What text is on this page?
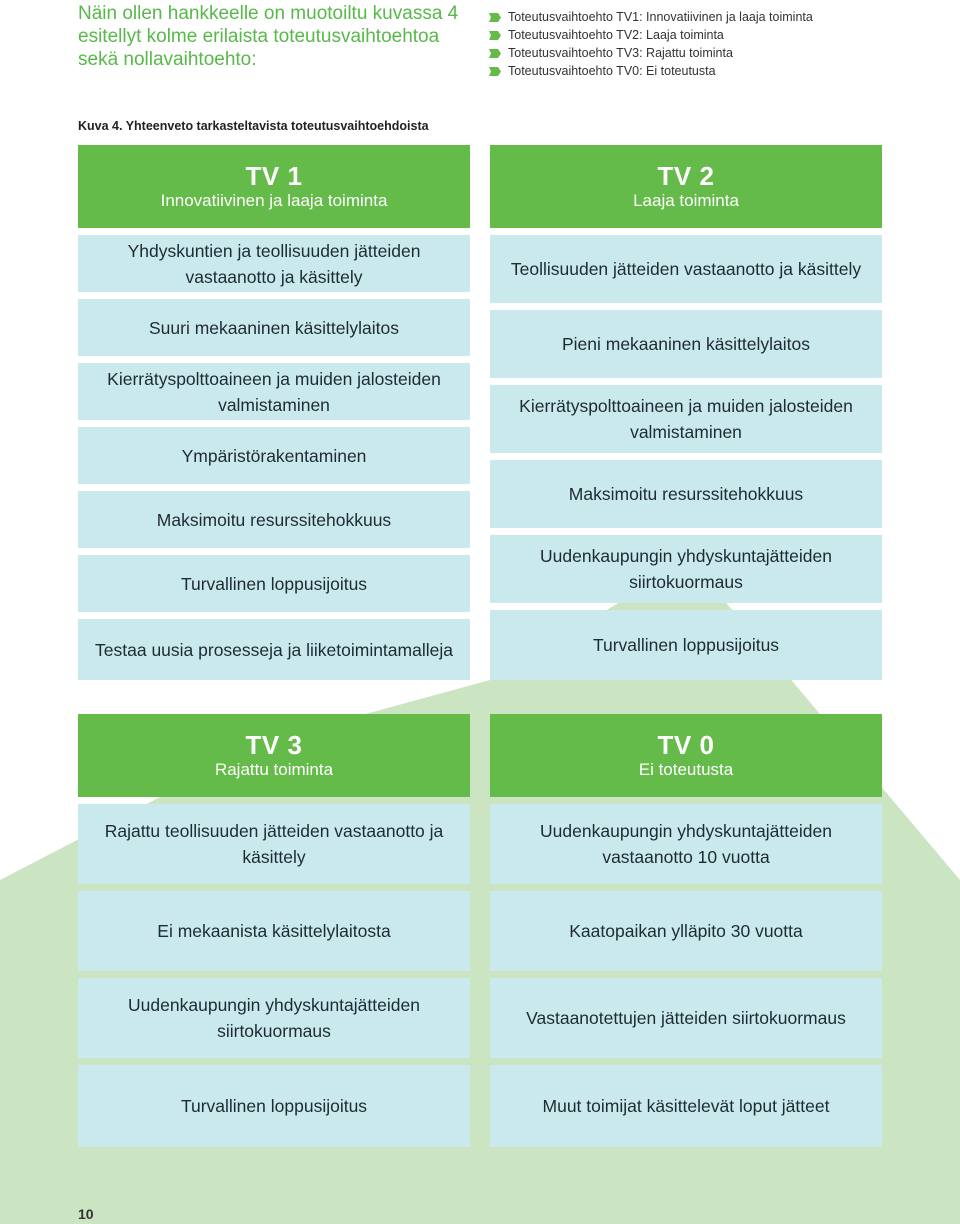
Näin ollen hankkeelle on muotoiltu kuvassa 4 esitellyt kolme erilaista toteutusvaihtoehtoa sekä nollavaihtoehto:
Toteutusvaihtoehto TV1: Innovatiivinen ja laaja toiminta
Toteutusvaihtoehto TV2: Laaja toiminta
Toteutusvaihtoehto TV3: Rajattu toiminta
Toteutusvaihtoehto TV0: Ei toteutusta
Kuva 4. Yhteenveto tarkasteltavista toteutusvaihtoehdoista
TV 1
Innovatiivinen ja laaja toiminta
Yhdyskuntien ja teollisuuden jätteiden vastaanotto ja käsittely
Suuri mekaaninen käsittelylaitos
Kierrätyspolttoaineen ja muiden jalosteiden valmistaminen
Ympäristörakentaminen
Maksimoitu resurssitehokkuus
Turvallinen loppusijoitus
Testaa uusia prosesseja ja liiketoimintamalleja
TV 2
Laaja toiminta
Teollisuuden jätteiden vastaanotto ja käsittely
Pieni mekaaninen käsittelylaitos
Kierrätyspolttoaineen ja muiden jalosteiden valmistaminen
Maksimoitu resurssitehokkuus
Uudenkaupungin yhdyskuntajätteiden siirtokuormaus
Turvallinen loppusijoitus
TV 3
Rajattu toiminta
Rajattu teollisuuden jätteiden vastaanotto ja käsittely
Ei mekaanista käsittelylaitosta
Uudenkaupungin yhdyskuntajätteiden siirtokuormaus
Turvallinen loppusijoitus
TV 0
Ei toteutusta
Uudenkaupungin yhdyskuntajätteiden vastaanotto 10 vuotta
Kaatopaikan ylläpito 30 vuotta
Vastaanotettujen jätteiden siirtokuormaus
Muut toimijat käsittelevät loput jätteet
10
